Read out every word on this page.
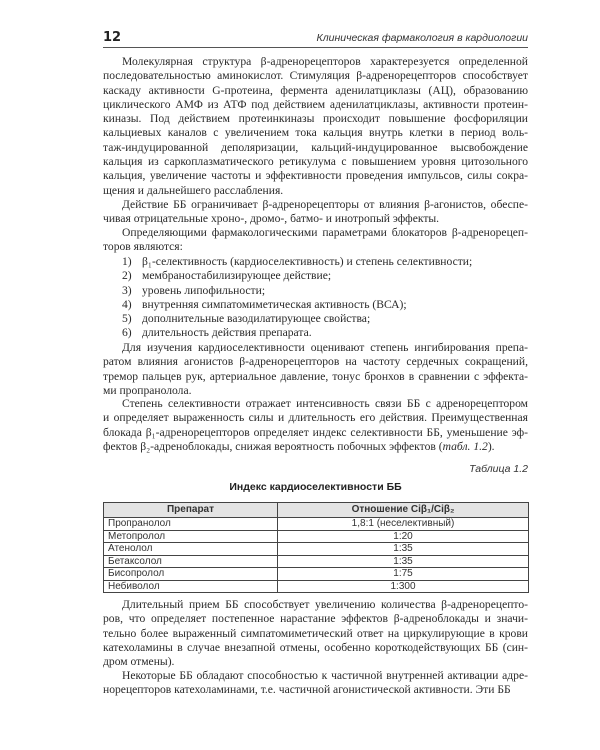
12	Клиническая фармакология в кардиологии
Молекулярная структура β-адренорецепторов характерезуется определенной
последовательностью аминокислот. Стимуляция β-адренорецепторов способствует
каскаду активности G-протеина, фермента аденилатциклазы (АЦ), образованию
циклического АМФ из АТФ под действием аденилатциклазы, активности протеин-
киназы. Под действием протеинкиназы происходит повышение фосфориляции
кальциевых каналов с увеличением тока кальция внутрь клетки в период воль-
таж-индуцированной деполяризации, кальций-индуцированное высвобождение
кальция из саркоплазматического ретикулума с повышением уровня цитозольного
кальция, увеличение частоты и эффективности проведения импульсов, силы сокра-
щения и дальнейшего расслабления.
Действие ББ ограничивает β-адренорецепторы от влияния β-агонистов, обеспе-
чивая отрицательные хроно-, дромо-, батмо- и инотропый эффекты.
Определяющими фармакологическими параметрами блокаторов β-адренорецеп-
торов являются:
1) β₁-селективность (кардиоселективность) и степень селективности;
2) мембраностабилизирующее действие;
3) уровень липофильности;
4) внутренняя симпатомиметическая активность (ВСА);
5) дополнительные вазодилатирующее свойства;
6) длительность действия препарата.
Для изучения кардиоселективности оценивают степень ингибирования препа-
ратом влияния агонистов β-адренорецепторов на частоту сердечных сокращений,
тремор пальцев рук, артериальное давление, тонус бронхов в сравнении с эффекта-
ми пропранолола.
Степень селективности отражает интенсивность связи ББ с адренорецептором
и определяет выраженность силы и длительность его действия. Преимущественная
блокада β₁-адренорецепторов определяет индекс селективности ББ, уменьшение эф-
фектов β₂-адреноблокады, снижая вероятность побочных эффектов (табл. 1.2).
Таблица 1.2
Индекс кардиоселективности ББ
Препарат	Отношение Сiβ₁/Сiβ₂
Пропранолол	1,8:1 (неселективный)
Метопролол	1:20
Атенолол	1:35
Бетаксолол	1:35
Бисопролол	1:75
Небиволол	1:300
Длительный прием ББ способствует увеличению количества β-адренорецепто-
ров, что определяет постепенное нарастание эффектов β-адреноблокады и значи-
тельно более выраженный симпатомиметический ответ на циркулирующие в крови
катехоламины в случае внезапной отмены, особенно короткодействующих ББ (син-
дром отмены).
Некоторые ББ обладают способностью к частичной внутренней активации адре-
норецепторов катехоламинами, т.е. частичной агонистической активности. Эти ББ
